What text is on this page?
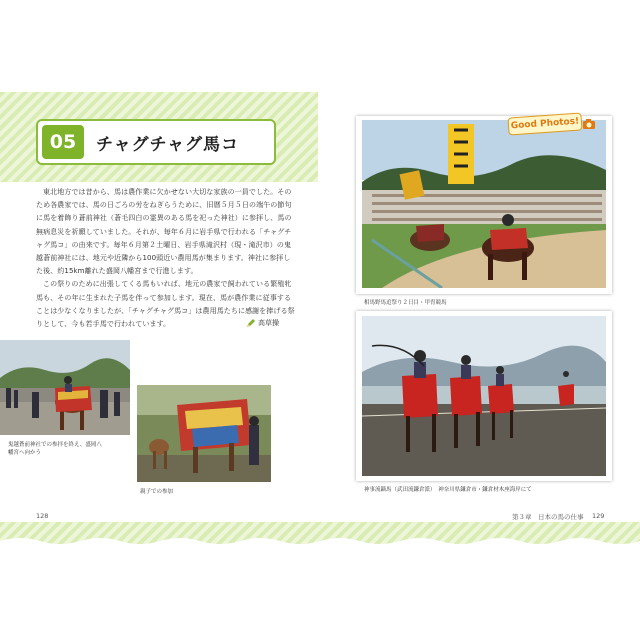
05	チャグチャグ馬コ

東北地方では昔から、馬は農作業に欠かせない大切な家族の一員でした。そのため各農家では、馬の日ごろの労をねぎらうために、旧暦５月５日の端午の節句に馬を着飾り蒼前神社（蒼毛四白の霊異のある馬を祀った神社）に参拝し、馬の無病息災を祈願していました。それが、毎年６月に岩手県で行われる「チャグチャグ馬コ」の由来です。毎年６月第２土曜日、岩手県滝沢村（現・滝沢市）の鬼越蒼前神社には、地元や近隣から100頭近い農用馬が集まります。神社に参拝した後、約15km離れた盛岡八幡宮まで行進します。

この祭りのために出張してくる馬もいれば、地元の農家で飼われている繁殖牝馬も、その年に生まれた子馬を伴って参加します。現在、馬が農作業に従事することは少なくなりましたが、「チャグチャグ馬コ」は農用馬たちに感謝を捧げる祭りとして、今も若手馬で行われています。	高草操
鬼越蒼前神社での参拝を終え、盛岡八幡宮へ向かう
親子での参加
128
Good Photos!
相馬野馬追祭り２日目・甲冑競馬
神事流鏑馬（武田流鎌倉派）　神奈川県鎌倉市・鎌倉材木座海岸にて
第３章　日本の馬の仕事 129
